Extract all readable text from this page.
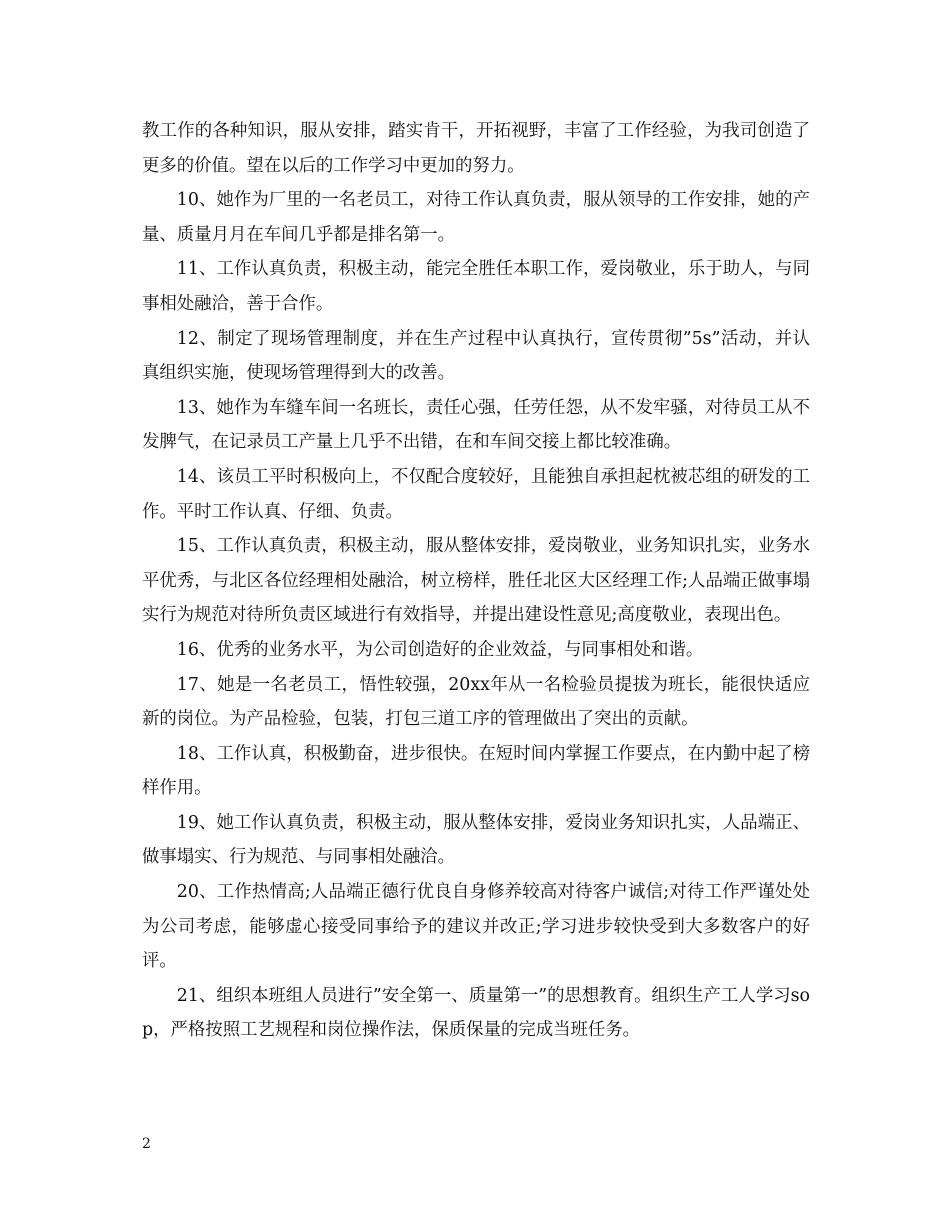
教工作的各种知识，服从安排，踏实肯干，开拓视野，丰富了工作经验，为我司创造了更多的价值。望在以后的工作学习中更加的努力。

10、她作为厂里的一名老员工，对待工作认真负责，服从领导的工作安排，她的产量、质量月月在车间几乎都是排名第一。

11、工作认真负责，积极主动，能完全胜任本职工作，爱岗敬业，乐于助人，与同事相处融洽，善于合作。

12、制定了现场管理制度，并在生产过程中认真执行，宣传贯彻”5s”活动，并认真组织实施，使现场管理得到大的改善。

13、她作为车缝车间一名班长，责任心强，任劳任怨，从不发牢骚，对待员工从不发脾气，在记录员工产量上几乎不出错，在和车间交接上都比较准确。

14、该员工平时积极向上，不仅配合度较好，且能独自承担起枕被芯组的研发的工作。平时工作认真、仔细、负责。

15、工作认真负责，积极主动，服从整体安排，爱岗敬业，业务知识扎实，业务水平优秀，与北区各位经理相处融洽，树立榜样，胜任北区大区经理工作;人品端正做事塌实行为规范对待所负责区域进行有效指导，并提出建设性意见;高度敬业，表现出色。

16、优秀的业务水平，为公司创造好的企业效益，与同事相处和谐。

17、她是一名老员工，悟性较强，20xx年从一名检验员提拔为班长，能很快适应新的岗位。为产品检验，包装，打包三道工序的管理做出了突出的贡献。

18、工作认真，积极勤奋，进步很快。在短时间内掌握工作要点，在内勤中起了榜样作用。

19、她工作认真负责，积极主动，服从整体安排，爱岗业务知识扎实，人品端正、做事塌实、行为规范、与同事相处融洽。

20、工作热情高;人品端正德行优良自身修养较高对待客户诚信;对待工作严谨处处为公司考虑，能够虚心接受同事给予的建议并改正;学习进步较快受到大多数客户的好评。

21、组织本班组人员进行”安全第一、质量第一”的思想教育。组织生产工人学习sop，严格按照工艺规程和岗位操作法，保质保量的完成当班任务。

2
